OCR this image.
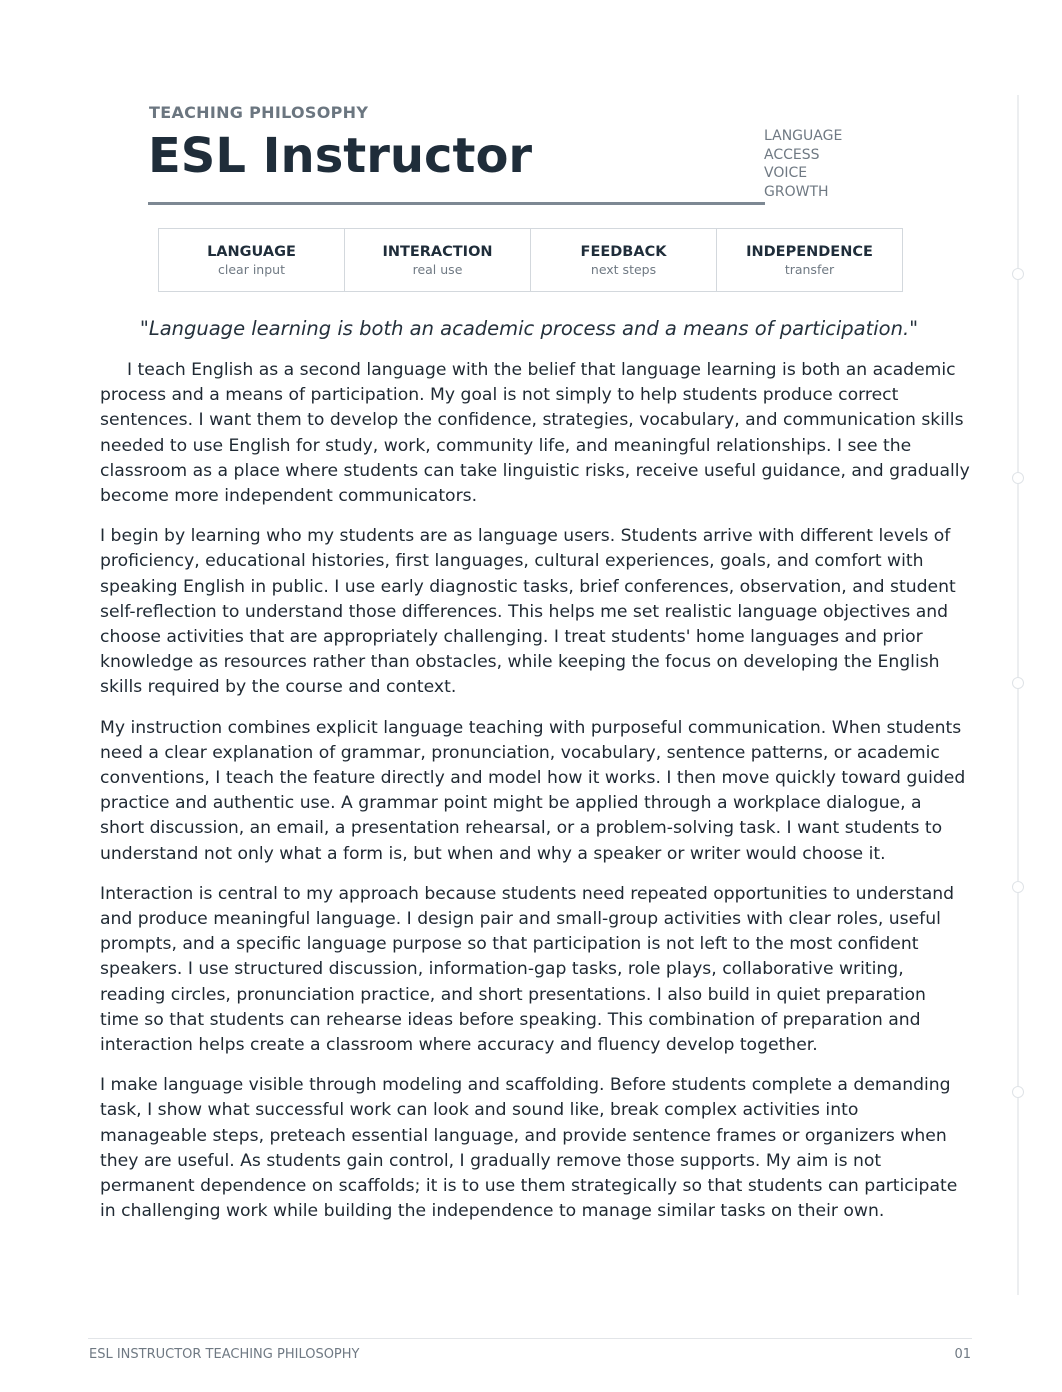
TEACHING PHILOSOPHY
ESL Instructor	LANGUAGE
ACCESS
VOICE
GROWTH
LANGUAGE
clear input
INTERACTION
real use
FEEDBACK
next steps
INDEPENDENCE
transfer

"Language learning is both an academic process and a means of participation."

I teach English as a second language with the belief that language learning is both an academic process and a means of participation. My goal is not simply to help students produce correct sentences. I want them to develop the confidence, strategies, vocabulary, and communication skills needed to use English for study, work, community life, and meaningful relationships. I see the classroom as a place where students can take linguistic risks, receive useful guidance, and gradually become more independent communicators.

I begin by learning who my students are as language users. Students arrive with different levels of proficiency, educational histories, first languages, cultural experiences, goals, and comfort with speaking English in public. I use early diagnostic tasks, brief conferences, observation, and student self-reflection to understand those differences. This helps me set realistic language objectives and choose activities that are appropriately challenging. I treat students' home languages and prior knowledge as resources rather than obstacles, while keeping the focus on developing the English skills required by the course and context.

My instruction combines explicit language teaching with purposeful communication. When students need a clear explanation of grammar, pronunciation, vocabulary, sentence patterns, or academic conventions, I teach the feature directly and model how it works. I then move quickly toward guided practice and authentic use. A grammar point might be applied through a workplace dialogue, a short discussion, an email, a presentation rehearsal, or a problem-solving task. I want students to understand not only what a form is, but when and why a speaker or writer would choose it.

Interaction is central to my approach because students need repeated opportunities to understand and produce meaningful language. I design pair and small-group activities with clear roles, useful prompts, and a specific language purpose so that participation is not left to the most confident speakers. I use structured discussion, information-gap tasks, role plays, collaborative writing, reading circles, pronunciation practice, and short presentations. I also build in quiet preparation time so that students can rehearse ideas before speaking. This combination of preparation and interaction helps create a classroom where accuracy and fluency develop together.

I make language visible through modeling and scaffolding. Before students complete a demanding task, I show what successful work can look and sound like, break complex activities into manageable steps, preteach essential language, and provide sentence frames or organizers when they are useful. As students gain control, I gradually remove those supports. My aim is not permanent dependence on scaffolds; it is to use them strategically so that students can participate in challenging work while building the independence to manage similar tasks on their own.

ESL INSTRUCTOR TEACHING PHILOSOPHY	01
